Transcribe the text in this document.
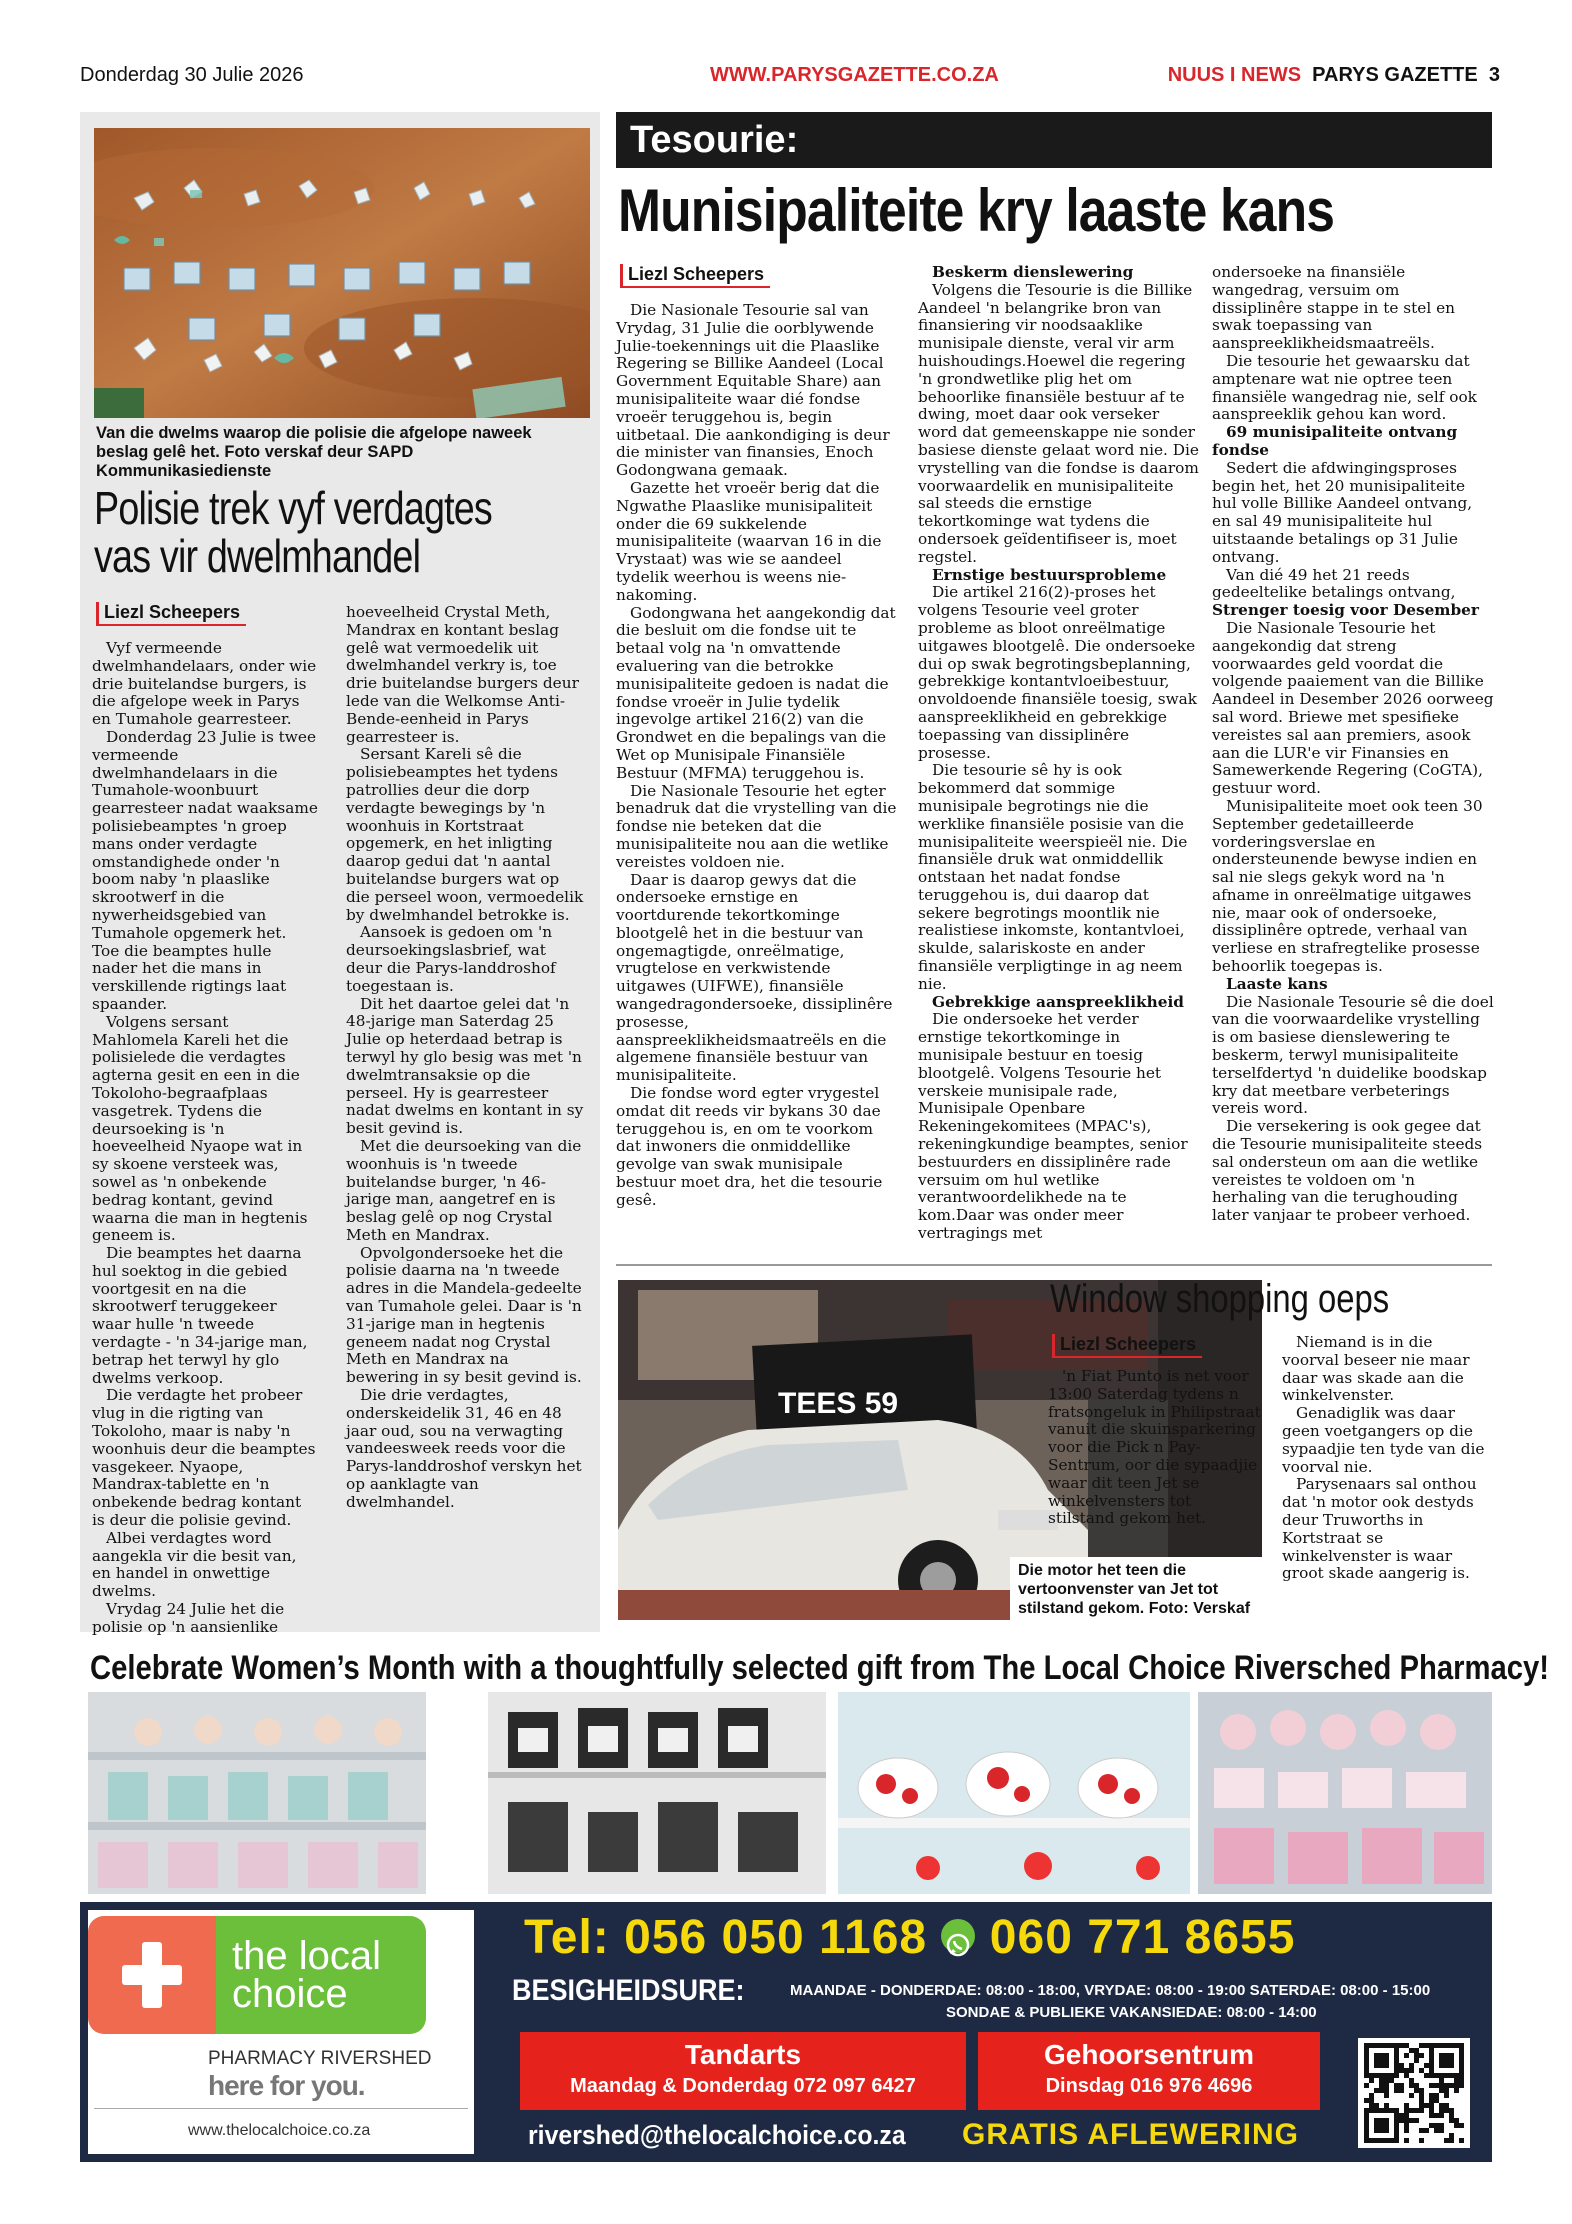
Donderdag 30 Julie 2026	WWW.PARYSGAZETTE.CO.ZA	NUUS I NEWS PARYS GAZETTE 3
Van die dwelms waarop die polisie die afgelope naweek beslag gelê het. Foto verskaf deur SAPD Kommunikasiedienste
Polisie trek vyf verdagtes
vas vir dwelmhandel
Liezl Scheepers

Vyf vermeende dwelmhandelaars, onder wie drie buitelandse burgers, is die afgelope week in Parys en Tumahole gearresteer.

Donderdag 23 Julie is twee vermeende dwelmhandelaars in die Tumahole-woonbuurt gearresteer nadat waaksame polisiebeamptes 'n groep mans onder verdagte omstandighede onder 'n boom naby 'n plaaslike skrootwerf in die nywerheidsgebied van Tumahole opgemerk het. Toe die beamptes hulle nader het die mans in verskillende rigtings laat spaander.

Volgens sersant Mahlomela Kareli het die polisielede die verdagtes agterna gesit en een in die Tokoloho-begraafplaas vasgetrek. Tydens die deursoeking is 'n hoeveelheid Nyaope wat in sy skoene versteek was, sowel as 'n onbekende bedrag kontant, gevind waarna die man in hegtenis geneem is.

Die beamptes het daarna hul soektog in die gebied voortgesit en na die skrootwerf teruggekeer waar hulle 'n tweede verdagte - 'n 34-jarige man, betrap het terwyl hy glo dwelms verkoop.

Die verdagte het probeer vlug in die rigting van Tokoloho, maar is naby 'n woonhuis deur die beamptes vasgekeer. Nyaope, Mandrax-tablette en 'n onbekende bedrag kontant is deur die polisie gevind.

Albei verdagtes word aangekla vir die besit van, en handel in onwettige dwelms.

Vrydag 24 Julie het die polisie op 'n aansienlike

hoeveelheid Crystal Meth, Mandrax en kontant beslag gelê wat vermoedelik uit dwelmhandel verkry is, toe drie buitelandse burgers deur lede van die Welkomse Anti-Bende-eenheid in Parys gearresteer is.

Sersant Kareli sê die polisiebeamptes het tydens patrollies deur die dorp verdagte bewegings by 'n woonhuis in Kortstraat opgemerk, en het inligting daarop gedui dat 'n aantal buitelandse burgers wat op die perseel woon, vermoedelik by dwelmhandel betrokke is.

Aansoek is gedoen om 'n deursoekingslasbrief, wat deur die Parys-landdroshof toegestaan is.

Dit het daartoe gelei dat 'n 48-jarige man Saterdag 25 Julie op heterdaad betrap is terwyl hy glo besig was met 'n dwelmtransaksie op die perseel. Hy is gearresteer nadat dwelms en kontant in sy besit gevind is.

Met die deursoeking van die woonhuis is 'n tweede buitelandse burger, 'n 46-jarige man, aangetref en is beslag gelê op nog Crystal Meth en Mandrax.

Opvolgondersoeke het die polisie daarna na 'n tweede adres in die Mandela-gedeelte van Tumahole gelei. Daar is 'n 31-jarige man in hegtenis geneem nadat nog Crystal Meth en Mandrax na bewering in sy besit gevind is.

Die drie verdagtes, onderskeidelik 31, 46 en 48 jaar oud, sou na verwagting vandeesweek reeds voor die Parys-landdroshof verskyn het op aanklagte van dwelmhandel.

Tesourie:
Munisipaliteite kry laaste kans
Liezl Scheepers

Die Nasionale Tesourie sal van Vrydag, 31 Julie die oorblywende Julie-toekennings uit die Plaaslike Regering se Billike Aandeel (Local Government Equitable Share) aan munisipaliteite waar dié fondse vroeër teruggehou is, begin uitbetaal. Die aankondiging is deur die minister van finansies, Enoch Godongwana gemaak.

Gazette het vroeër berig dat die Ngwathe Plaaslike munisipaliteit onder die 69 sukkelende munisipaliteite (waarvan 16 in die Vrystaat) was wie se aandeel tydelik weerhou is weens nie-nakoming.

Godongwana het aangekondig dat die besluit om die fondse uit te betaal volg na 'n omvattende evaluering van die betrokke munisipaliteite gedoen is nadat die fondse vroeër in Julie tydelik ingevolge artikel 216(2) van die Grondwet en die bepalings van die Wet op Munisipale Finansiële Bestuur (MFMA) teruggehou is.

Die Nasionale Tesourie het egter benadruk dat die vrystelling van die fondse nie beteken dat die munisipaliteite nou aan die wetlike vereistes voldoen nie.

Daar is daarop gewys dat die ondersoeke ernstige en voortdurende tekortkominge blootgelê het in die bestuur van ongemagtigde, onreëlmatige, vrugtelose en verkwistende uitgawes (UIFWE), finansiële wangedragondersoeke, dissiplinêre prosesse, aanspreeklikheidsmaatreëls en die algemene finansiële bestuur van munisipaliteite.

Die fondse word egter vrygestel omdat dit reeds vir bykans 30 dae teruggehou is, en om te voorkom dat inwoners die onmiddellike gevolge van swak munisipale bestuur moet dra, het die tesourie gesê.

Beskerm dienslewering

Volgens die Tesourie is die Billike Aandeel 'n belangrike bron van finansiering vir noodsaaklike munisipale dienste, veral vir arm huishoudings.Hoewel die regering 'n grondwetlike plig het om behoorlike finansiële bestuur af te dwing, moet daar ook verseker word dat gemeenskappe nie sonder basiese dienste gelaat word nie. Die vrystelling van die fondse is daarom voorwaardelik en munisipaliteite sal steeds die ernstige tekortkominge wat tydens die ondersoek geïdentifiseer is, moet regstel.

Ernstige bestuursprobleme

Die artikel 216(2)-proses het volgens Tesourie veel groter probleme as bloot onreëlmatige uitgawes blootgelê. Die ondersoeke dui op swak begrotingsbeplanning, gebrekkige kontantvloeibestuur, onvoldoende finansiële toesig, swak aanspreeklikheid en gebrekkige toepassing van dissiplinêre prosesse.

Die tesourie sê hy is ook bekommerd dat sommige munisipale begrotings nie die werklike finansiële posisie van die munisipaliteite weerspieël nie. Die finansiële druk wat onmiddellik ontstaan het nadat fondse teruggehou is, dui daarop dat sekere begrotings moontlik nie realistiese inkomste, kontantvloei, skulde, salariskoste en ander finansiële verpligtinge in ag neem nie.

Gebrekkige aanspreeklikheid

Die ondersoeke het verder ernstige tekortkominge in munisipale bestuur en toesig blootgelê. Volgens Tesourie het verskeie munisipale rade, Munisipale Openbare Rekeningekomitees (MPAC's), rekeningkundige beamptes, senior bestuurders en dissiplinêre rade versuim om hul wetlike verantwoordelikhede na te kom.Daar was onder meer vertragings met

ondersoeke na finansiële wangedrag, versuim om dissiplinêre stappe in te stel en swak toepassing van aanspreeklikheidsmaatreëls.

Die tesourie het gewaarsku dat amptenare wat nie optree teen finansiële wangedrag nie, self ook aanspreeklik gehou kan word.

69 munisipaliteite ontvang fondse

Sedert die afdwingingsproses begin het, het 20 munisipaliteite hul volle Billike Aandeel ontvang, en sal 49 munisipaliteite hul uitstaande betalings op 31 Julie ontvang.

Van dié 49 het 21 reeds gedeeltelike betalings ontvang,

Strenger toesig voor Desember

Die Nasionale Tesourie het aangekondig dat streng voorwaardes geld voordat die volgende paaiement van die Billike Aandeel in Desember 2026 oorweeg sal word. Briewe met spesifieke vereistes sal aan premiers, asook aan die LUR'e vir Finansies en Samewerkende Regering (CoGTA), gestuur word.

Munisipaliteite moet ook teen 30 September gedetailleerde vorderingsverslae en ondersteunende bewyse indien en sal nie slegs gekyk word na 'n afname in onreëlmatige uitgawes nie, maar ook of ondersoeke, dissiplinêre optrede, verhaal van verliese en strafregtelike prosesse behoorlik toegepas is.

Laaste kans

Die Nasionale Tesourie sê die doel van die voorwaardelike vrystelling is om basiese dienslewering te beskerm, terwyl munisipaliteite terselfdertyd 'n duidelike boodskap kry dat meetbare verbeterings vereis word.

Die versekering is ook gegee dat die Tesourie munisipaliteite steeds sal ondersteun om aan die wetlike vereistes te voldoen om 'n herhaling van die terughouding later vanjaar te probeer verhoed.

TEES 59
Die motor het teen die vertoonvenster van Jet tot stilstand gekom. Foto: Verskaf
Window shopping oeps
Liezl Scheepers

'n Fiat Punto is net voor 13:00 Saterdag tydens n fratsongeluk in Philipstraat vanuit die skuinsparkering voor die Pick n Pay-Sentrum, oor die sypaadjie waar dit teen Jet se winkelvensters tot stilstand gekom het.

Niemand is in die voorval beseer nie maar daar was skade aan die winkelvenster.

Genadiglik was daar geen voetgangers op die sypaadjie ten tyde van die voorval nie.

Parysenaars sal onthou dat 'n motor ook destyds deur Truworths in Kortstraat se winkelvenster is waar groot skade aangerig is.

Celebrate Women’s Month with a thoughtfully selected gift from The Local Choice Riversched Pharmacy!
the local
choice
PHARMACY RIVERSHED
here for you.
www.thelocalchoice.co.za
Tel: 056 050 1168 060 771 8655
BESIGHEIDSURE:	MAANDAE - DONDERDAE: 08:00 - 18:00, VRYDAE: 08:00 - 19:00 SATERDAE: 08:00 - 15:00
SONDAE & PUBLIEKE VAKANSIEDAE: 08:00 - 14:00
Tandarts
Maandag & Donderdag 072 097 6427
Gehoorsentrum
Dinsdag 016 976 4696
rivershed@thelocalchoice.co.za GRATIS AFLEWERING
